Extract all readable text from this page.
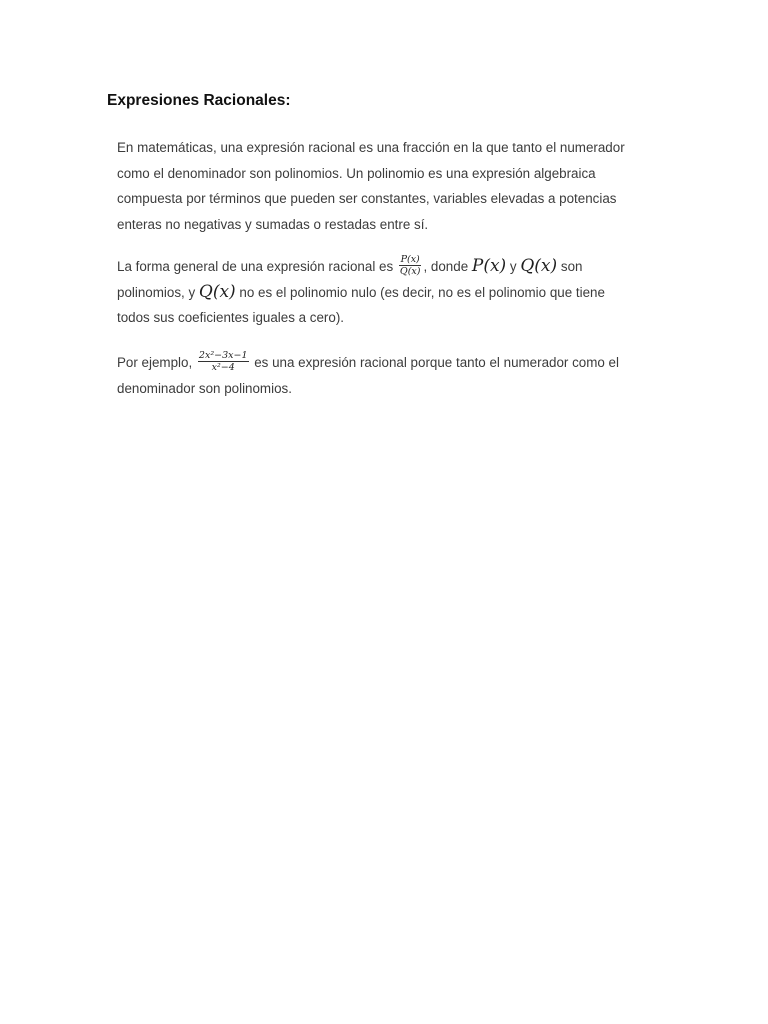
Expresiones Racionales:
En matemáticas, una expresión racional es una fracción en la que tanto el numerador
como el denominador son polinomios. Un polinomio es una expresión algebraica
compuesta por términos que pueden ser constantes, variables elevadas a potencias
enteras no negativas y sumadas o restadas entre sí.
La forma general de una expresión racional es $\frac{P(x)}{Q(x)}$ , donde P(x) y Q(x) son
polinomios, y Q(x) no es el polinomio nulo (es decir, no es el polinomio que tiene
todos sus coeficientes iguales a cero).
Por ejemplo, $\frac{\text{2x²−3x−1}}{\text{x²−4}}$ es una expresión racional porque tanto el numerador como el
denominador son polinomios.
